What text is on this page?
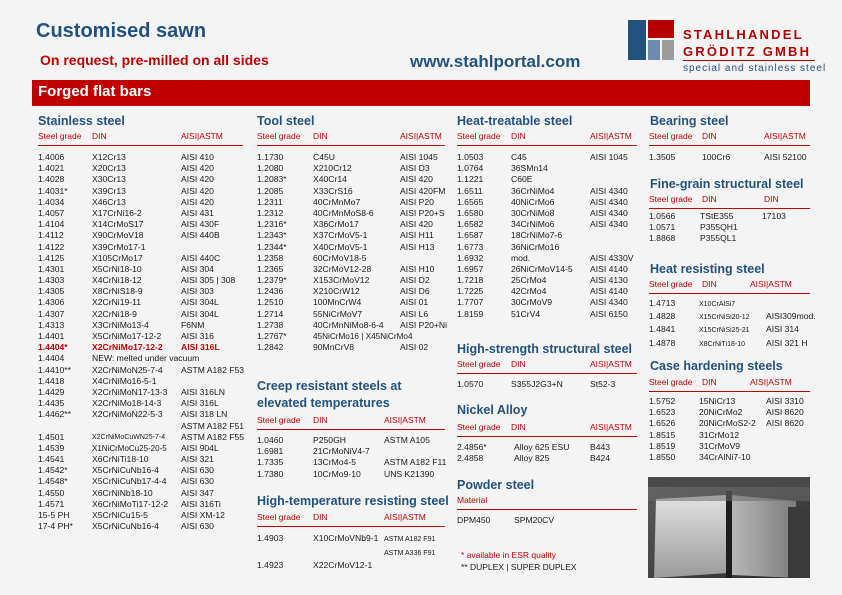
Customised sawn
On request, pre-milled on all sides	www.stahlportal.com
STAHLHANDEL
GRÖDITZ GMBH
special and stainless steel
Forged flat bars
Stainless steel
Steel grade DIN	AISI|ASTM
1.4006	X12Cr13	AISI 410
1.4021	X20Cr13	AISI 420
1.4028	X30Cr13	AISI 420
1.4031*	X39Cr13	AISI 420
1.4034	X46Cr13	AISI 420
1.4057	X17CrNi16-2	AISI 431
1.4104	X14CrMoS17	AISI 430F
1.4112	X90CrMoV18	AISI 440B
1.4122	X39CrMo17-1
1.4125	X105CrMo17	AISI 440C
1.4301	X5CrNi18-10	AISI 304
1.4303	X4CrNi18-12	AISI 305 | 308
1.4305	X8CrNiS18-9	AISI 303
1.4306	X2CrNi19-11	AISI 304L
1.4307	X2CrNi18-9	AISI 304L
1.4313	X3CrNiMo13-4	F6NM
1.4401	X5CrNiMo17-12-2 AISI 316
1.4404*	X2CrNiMo17-12-2 AISI 316L
1.4404	NEW: melted under vacuum
1.4410** X2CrNiMoN25-7-4 ASTM A182 F53
1.4418	X4CrNiMo16-5-1
1.4429	X2CrNiMoN17-13-3 AISI 316LN
1.4435	X2CrNiMo18-14-3 AISI 316L
1.4462** X2CrNiMoN22-5-3 AISI 318 LN
ASTM A182 F51
1.4501	X2CrNiMoCuWN25-7-4 ASTM A182 F55
1.4539	X1NiCrMoCu25-20-5 AISI 904L
1.4541	X6CrNiTi18-10	AISI 321
1.4542*	X5CrNiCuNb16-4	AISI 630
1.4548*	X5CrNiCuNb17-4-4 AISI 630
1.4550	X6CrNiNb18-10	AISI 347
1.4571	X6CrNiMoTi17-12-2 AISI 316Ti
15-5 PH	X5CrNiCu15-5	AISI XM-12
17-4 PH* X5CrNiCuNb16-4	AISI 630
Tool steel
Steel grade DIN	AISI|ASTM
1.1730	C45U	AISI 1045
1.2080	X210Cr12	AISI D3
1.2083*	X40Cr14	AISI 420
1.2085	X33CrS16	AISI 420FM
1.2311	40CrMnMo7	AISI P20
1.2312	40CrMnMoS8-6	AISI P20+S
1.2316*	X36CrMo17	AISI 420
1.2343*	X37CrMoV5-1	AISI H11
1.2344*	X40CrMoV5-1	AISI H13
1.2358	60CrMoV18-5
1.2365	32CrMoV12-28	AISI H10
1.2379*	X153CrMoV12	AISI D2
1.2436	X210CrW12	AISI D6
1.2510	100MnCrW4	AISI 01
1.2714	55NiCrMoV7	AISI L6
1.2738	40CrMnNiMo8-6-4 AISI P20+Ni
1.2767*	45NiCrMo16 | X45NiCrMo4
1.2842	90MnCrV8	AISI 02
Creep resistant steels at
elevated temperatures
Steel grade DIN	AISI|ASTM
1.0460	P250GH	ASTM A105
1.6981	21CrMoNiV4-7
1.7335	13CrMo4-5	ASTM A182 F11
1.7380	10CrMo9-10	UNS K21390
High-temperature resisting steel
Steel grade DIN	AISI|ASTM
1.4903	X10CrMoVNb9-1 ASTM A182 F91
ASTM A336 F91
1.4923	X22CrMoV12-1
Heat-treatable steel
Steel grade DIN	AISI|ASTM
1.0503	C45	AISI 1045
1.0764	36SMn14
1.1221	C60E
1.6511	36CrNiMo4	AISI 4340
1.6565	40NiCrMo6	AISI 4340
1.6580	30CrNiMo8	AISI 4340
1.6582	34CrNiMo6	AISI 4340
1.6587	18CrNiMo7-6
1.6773	36NiCrMo16
1.6932	mod.	AISI 4330V
1.6957	26NiCrMoV14-5 AISI 4140
1.7218	25CrMo4	AISI 4130
1.7225	42CrMo4	AISI 4140
1.7707	30CrMoV9	AISI 4340
1.8159	51CrV4	AISI 6150
High-strength structural steel
Steel grade DIN	AISI|ASTM
1.0570	S355J2G3+N	St52-3
Nickel Alloy
Steel grade DIN	AISI|ASTM
2.4856*	Alloy 625 ESU B443
2.4858	Alloy 825	B424
Powder steel
Material
DPM450	SPM20CV
* available in ESR quality
** DUPLEX | SUPER DUPLEX
Bearing steel
Steel grade DIN	AISI|ASTM
1.3505	100Cr6	AISI 52100
Fine-grain structural steel
Steel grade DIN	DIN
1.0566	TStE355	17103
1.0571	P355QH1
1.8868	P355QL1
Heat resisting steel
Steel grade DIN	AISI|ASTM
1.4713	X10CrAlSi7
1.4828	X15CrNiSi20-12 AISI309mod.
1.4841	X15CrNiSi25-21 AISI 314
1.4878	X8CrNiTi18-10 AISI 321 H
Case hardening steels
Steel grade DIN	AISI|ASTM
1.5752	15NiCr13	AISI 3310
1.6523	20NiCrMo2	AISI 8620
1.6526	20NiCrMoS2-2 AISI 8620
1.8515	31CrMo12
1.8519	31CrMoV9
1.8550	34CrAlNi7-10
